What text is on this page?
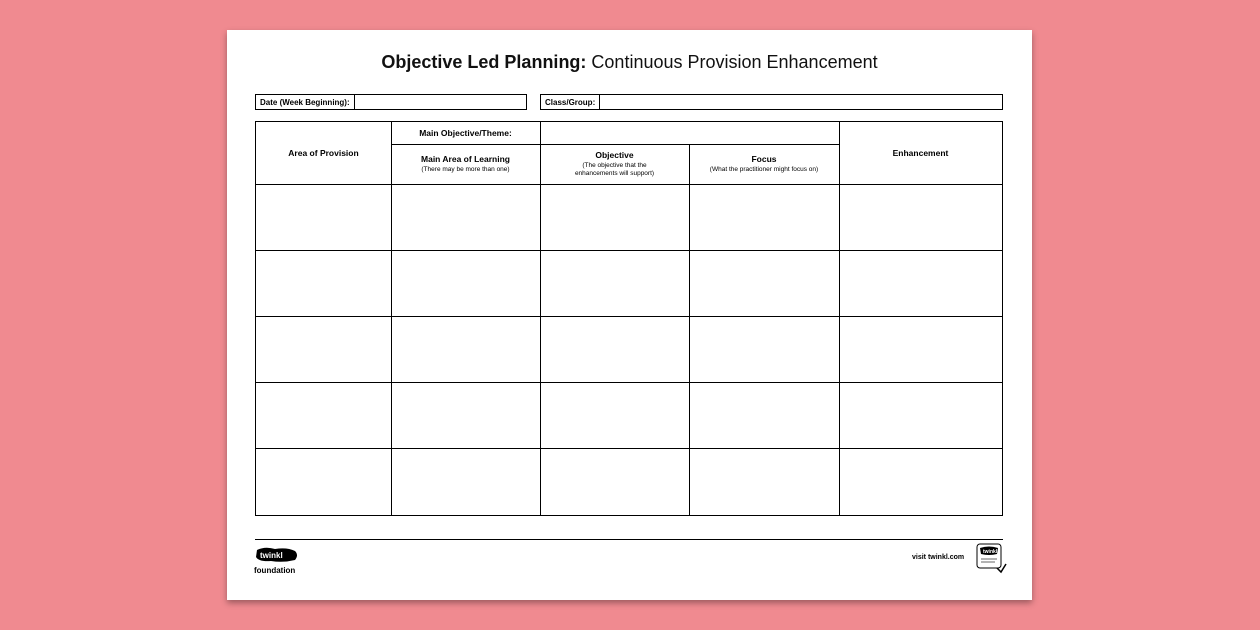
Objective Led Planning: Continuous Provision Enhancement
Date (Week Beginning):	Class/Group:
Area of Provision
Main Objective/Theme:
Main Area of Learning
(There may be more than one)
Objective
(The objective that the enhancements will support)
Focus
(What the practitioner might focus on)
Enhancement
twinkl
foundation
visit twinkl.com
twinkl
